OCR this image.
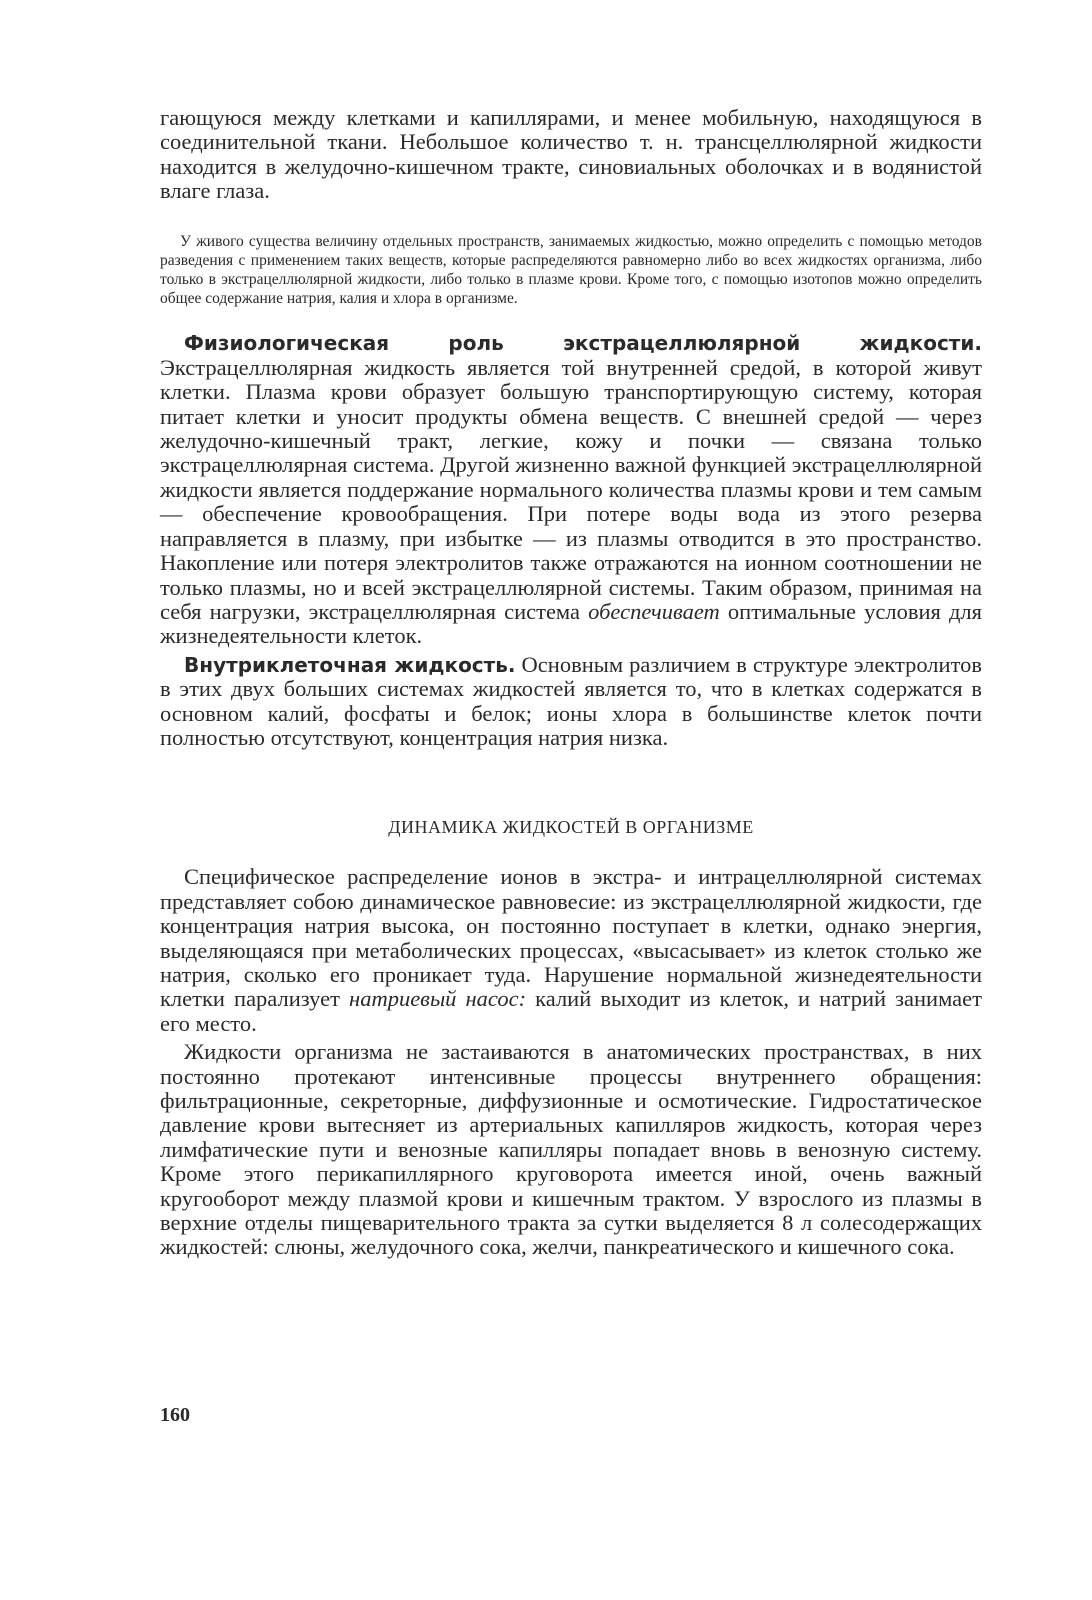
гающуюся между клетками и капиллярами, и менее мобильную, находящуюся в соединительной ткани. Небольшое количество т. н. трансцеллюлярной жидкости находится в желудочно-кишечном тракте, синовиальных оболочках и в водянистой влаге глаза.

У живого существа величину отдельных пространств, занимаемых жидкостью, можно определить с помощью методов разведения с применением таких веществ, которые распределяются равномерно либо во всех жидкостях организма, либо только в экстрацеллюлярной жидкости, либо только в плазме крови. Кроме того, с помощью изотопов можно определить общее содержание натрия, калия и хлора в организме.

Физиологическая роль экстрацеллюлярной жидкости. Экстрацеллюлярная жидкость является той внутренней средой, в которой живут клетки. Плазма крови образует большую транспортирующую систему, которая питает клетки и уносит продукты обмена веществ. С внешней средой — через желудочно-кишечный тракт, легкие, кожу и почки — связана только экстрацеллюлярная система. Другой жизненно важной функцией экстрацеллюлярной жидкости является поддержание нормального количества плазмы крови и тем самым — обеспечение кровообращения. При потере воды вода из этого резерва направляется в плазму, при избытке — из плазмы отводится в это пространство. Накопление или потеря электролитов также отражаются на ионном соотношении не только плазмы, но и всей экстрацеллюлярной системы. Таким образом, принимая на себя нагрузки, экстрацеллюлярная система обеспечивает оптимальные условия для жизнедеятельности клеток.

Внутриклеточная жидкость. Основным различием в структуре электролитов в этих двух больших системах жидкостей является то, что в клетках содержатся в основном калий, фосфаты и белок; ионы хлора в большинстве клеток почти полностью отсутствуют, концентрация натрия низка.

ДИНАМИКА ЖИДКОСТЕЙ В ОРГАНИЗМЕ

Специфическое распределение ионов в экстра- и интрацеллюлярной системах представляет собою динамическое равновесие: из экстрацеллюлярной жидкости, где концентрация натрия высока, он постоянно поступает в клетки, однако энергия, выделяющаяся при метаболических процессах, «высасывает» из клеток столько же натрия, сколько его проникает туда. Нарушение нормальной жизнедеятельности клетки парализует натриевый насос: калий выходит из клеток, и натрий занимает его место.

Жидкости организма не застаиваются в анатомических пространствах, в них постоянно протекают интенсивные процессы внутреннего обращения: фильтрационные, секреторные, диффузионные и осмотические. Гидростатическое давление крови вытесняет из артериальных капилляров жидкость, которая через лимфатические пути и венозные капилляры попадает вновь в венозную систему. Кроме этого перикапиллярного круговорота имеется иной, очень важный кругооборот между плазмой крови и кишечным трактом. У взрослого из плазмы в верхние отделы пищеварительного тракта за сутки выделяется 8 л солесодержащих жидкостей: слюны, желудочного сока, желчи, панкреатического и кишечного сока.

160
